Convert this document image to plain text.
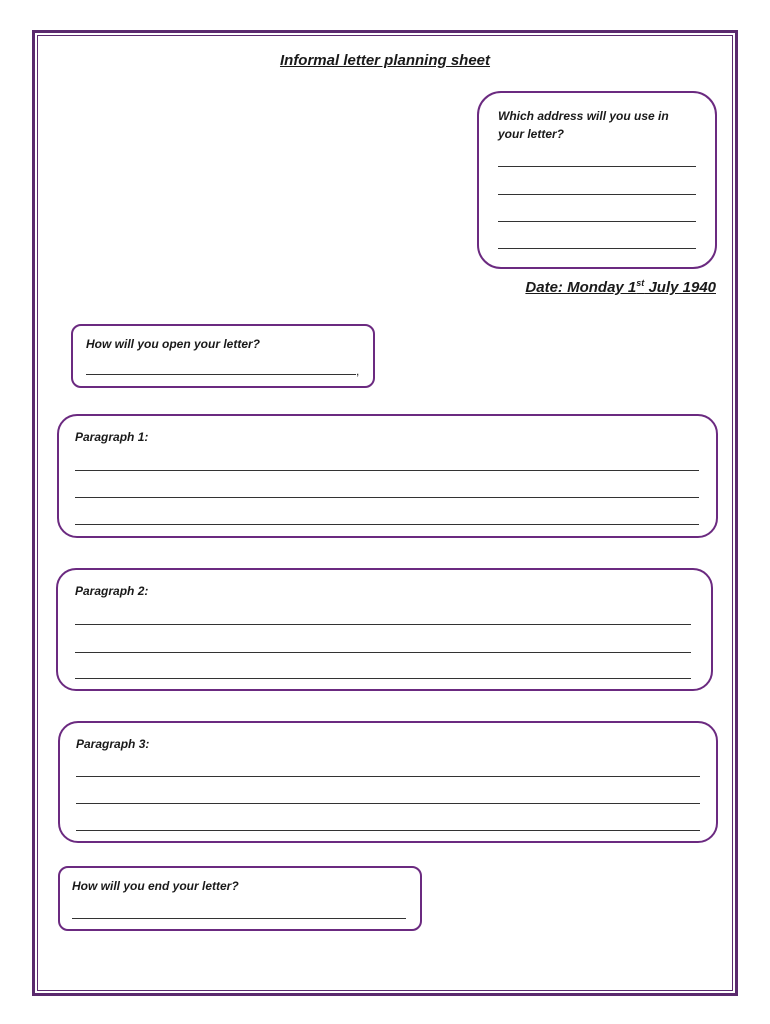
Informal letter planning sheet
Which address will you use in your letter?
Date: Monday 1st July 1940
How will you open your letter?
,
Paragraph 1:
Paragraph 2:
Paragraph 3:
How will you end your letter?
